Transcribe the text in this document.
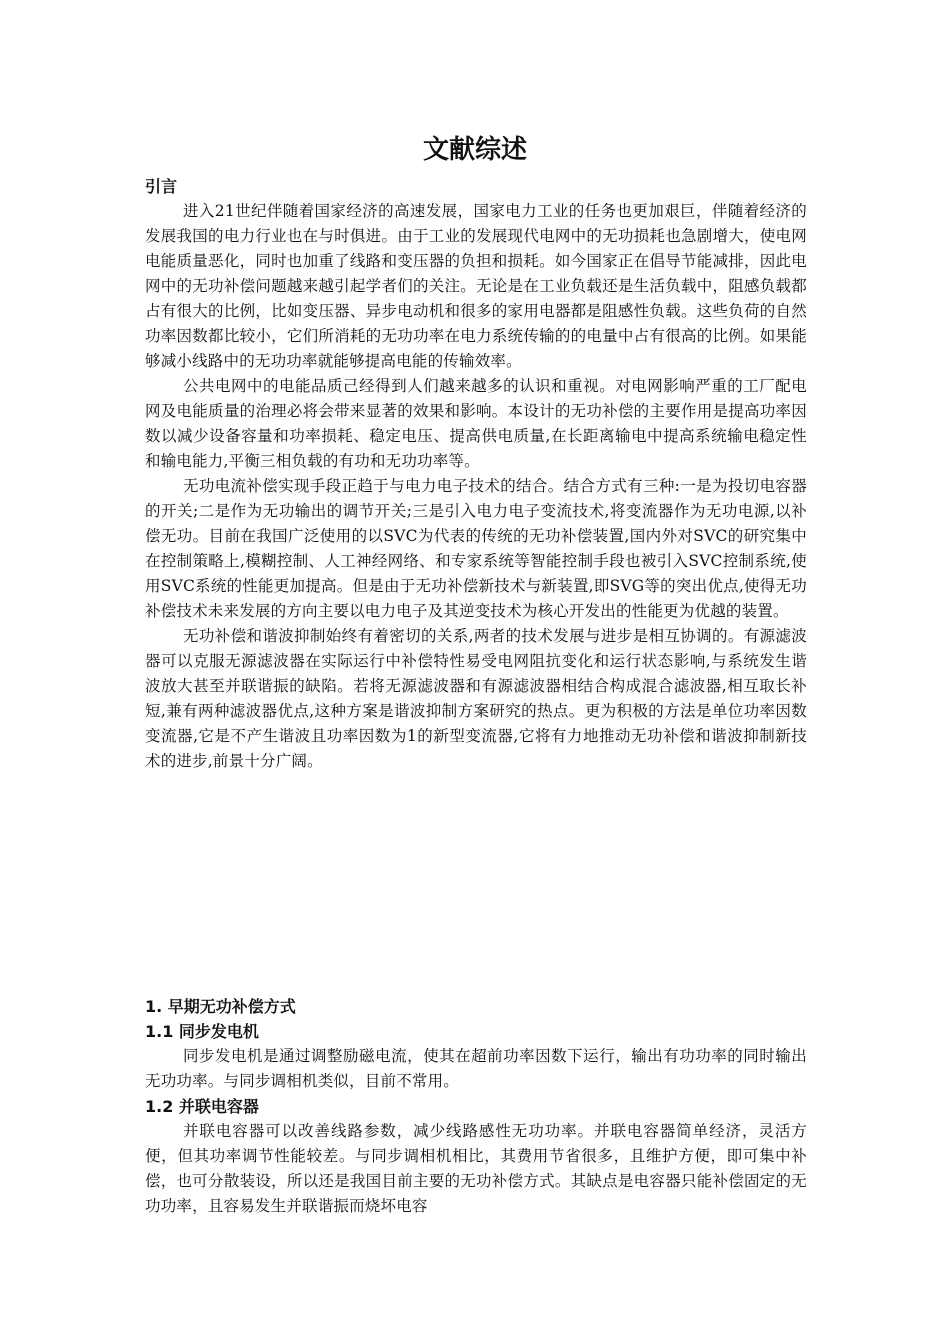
文献综述
引言

进入21世纪伴随着国家经济的高速发展，国家电力工业的任务也更加艰巨，伴随着经济的发展我国的电力行业也在与时俱进。由于工业的发展现代电网中的无功损耗也急剧增大，使电网电能质量恶化，同时也加重了线路和变压器的负担和损耗。如今国家正在倡导节能减排，因此电网中的无功补偿问题越来越引起学者们的关注。无论是在工业负载还是生活负载中，阻感负载都占有很大的比例，比如变压器、异步电动机和很多的家用电器都是阻感性负载。这些负荷的自然功率因数都比较小，它们所消耗的无功功率在电力系统传输的的电量中占有很高的比例。如果能够减小线路中的无功功率就能够提高电能的传输效率。

公共电网中的电能品质己经得到人们越来越多的认识和重视。对电网影响严重的工厂配电网及电能质量的治理必将会带来显著的效果和影响。本设计的无功补偿的主要作用是提高功率因数以减少设备容量和功率损耗、稳定电压、提高供电质量,在长距离输电中提高系统输电稳定性和输电能力,平衡三相负载的有功和无功功率等。

无功电流补偿实现手段正趋于与电力电子技术的结合。结合方式有三种:一是为投切电容器的开关;二是作为无功输出的调节开关;三是引入电力电子变流技术,将变流器作为无功电源,以补偿无功。目前在我国广泛使用的以SVC为代表的传统的无功补偿装置,国内外对SVC的研究集中在控制策略上,模糊控制、人工神经网络、和专家系统等智能控制手段也被引入SVC控制系统,使用SVC系统的性能更加提高。但是由于无功补偿新技术与新装置,即SVG等的突出优点,使得无功补偿技术未来发展的方向主要以电力电子及其逆变技术为核心开发出的性能更为优越的装置。

无功补偿和谐波抑制始终有着密切的关系,两者的技术发展与进步是相互协调的。有源滤波器可以克服无源滤波器在实际运行中补偿特性易受电网阻抗变化和运行状态影响,与系统发生谐波放大甚至并联谐振的缺陷。若将无源滤波器和有源滤波器相结合构成混合滤波器,相互取长补短,兼有两种滤波器优点,这种方案是谐波抑制方案研究的热点。更为积极的方法是单位功率因数变流器,它是不产生谐波且功率因数为1的新型变流器,它将有力地推动无功补偿和谐波抑制新技术的进步,前景十分广阔。

1. 早期无功补偿方式
1.1 同步发电机

同步发电机是通过调整励磁电流，使其在超前功率因数下运行，输出有功功率的同时输出无功功率。与同步调相机类似，目前不常用。

1.2 并联电容器

并联电容器可以改善线路参数，减少线路感性无功功率。并联电容器简单经济，灵活方便，但其功率调节性能较差。与同步调相机相比，其费用节省很多，且维护方便，即可集中补偿，也可分散装设，所以还是我国目前主要的无功补偿方式。其缺点是电容器只能补偿固定的无功功率，且容易发生并联谐振而烧坏电容
